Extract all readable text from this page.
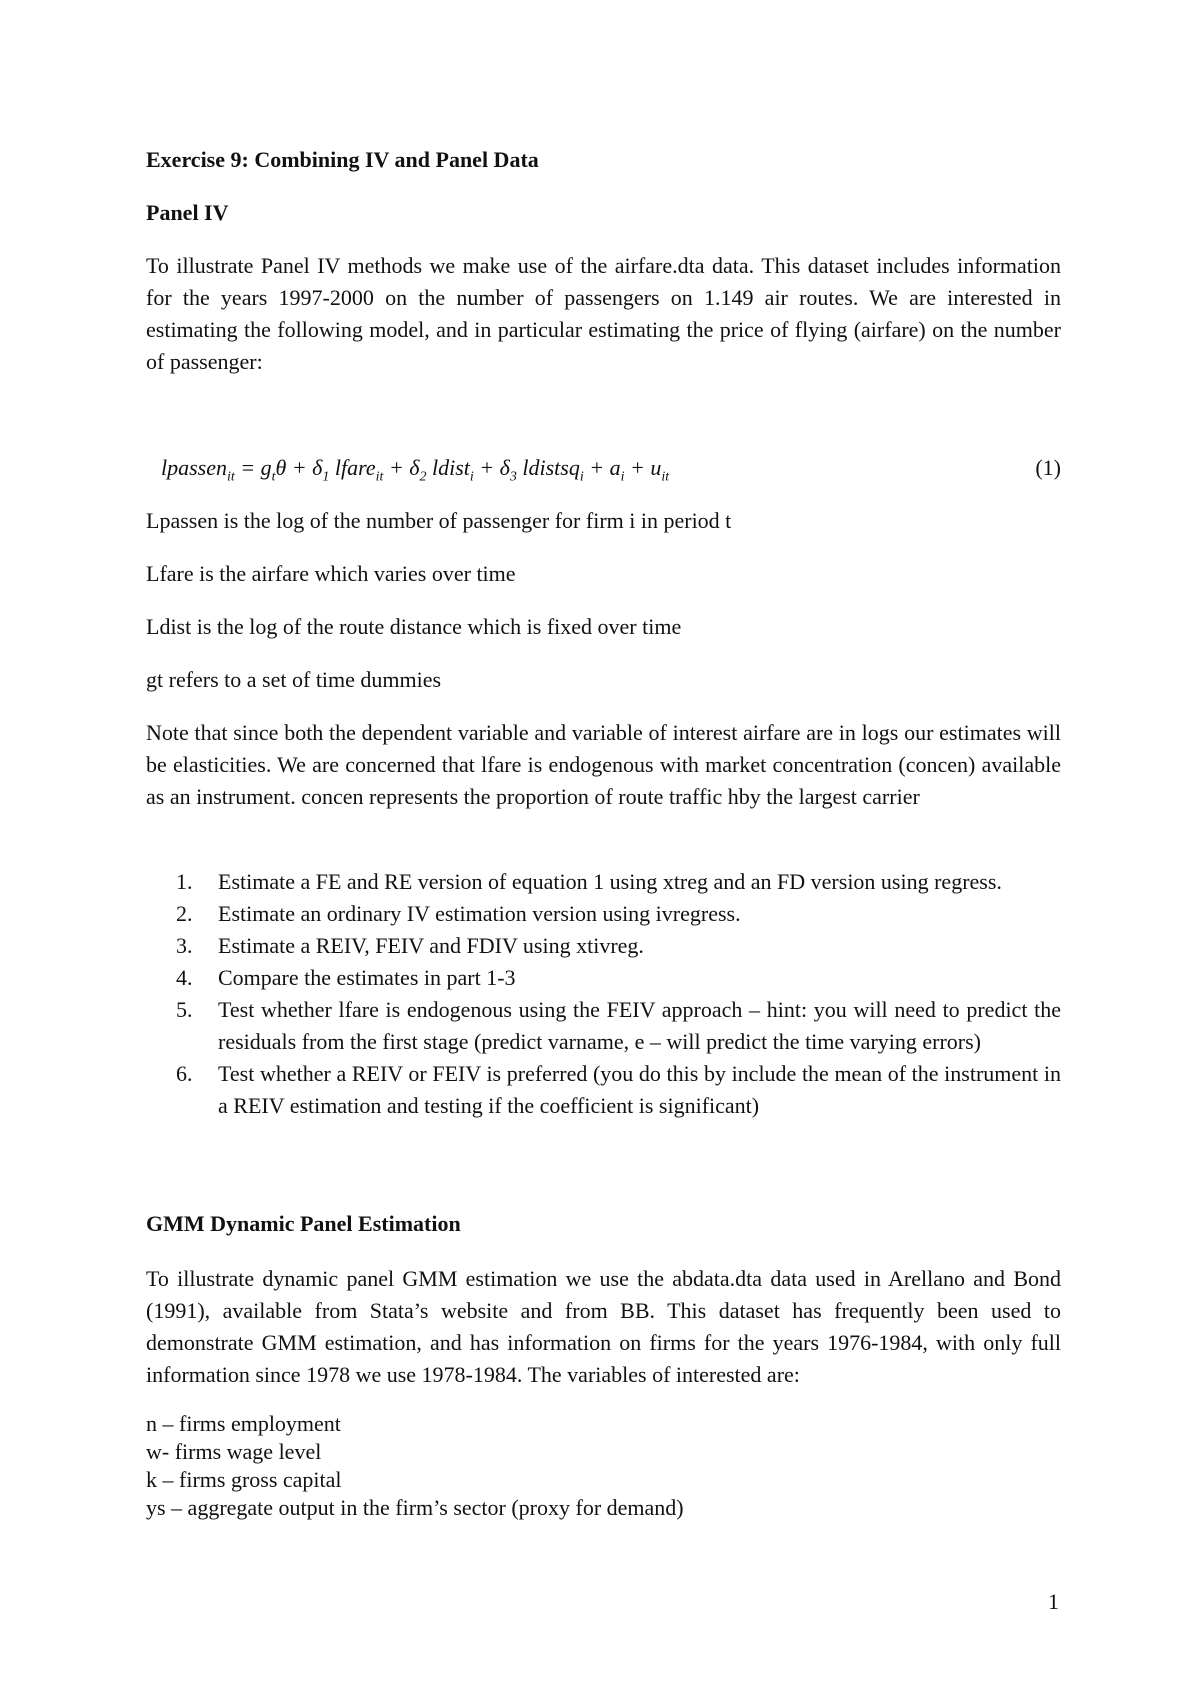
Exercise 9: Combining IV and Panel Data
Panel IV

To illustrate Panel IV methods we make use of the airfare.dta data. This dataset includes information for the years 1997-2000 on the number of passengers on 1.149 air routes. We are interested in estimating the following model, and in particular estimating the price of flying (airfare) on the number of passenger:

lpassen$_{it}$ = $g_t\theta + \delta_1$ lfare$_{it}$ + $\delta_2$ ldist$_i$ + $\delta_3$ ldistsq$_i$ + $a_i + u_{it}$	(1)

Lpassen is the log of the number of passenger for firm i in period t

Lfare is the airfare which varies over time

Ldist is the log of the route distance which is fixed over time

gt refers to a set of time dummies

Note that since both the dependent variable and variable of interest airfare are in logs our estimates will be elasticities. We are concerned that lfare is endogenous with market concentration (concen) available as an instrument. concen represents the proportion of route traffic hby the largest carrier

1. Estimate a FE and RE version of equation 1 using xtreg and an FD version using regress.
2. Estimate an ordinary IV estimation version using ivregress.
3. Estimate a REIV, FEIV and FDIV using xtivreg.
4. Compare the estimates in part 1-3
5. Test whether lfare is endogenous using the FEIV approach – hint: you will need to predict the residuals from the first stage (predict varname, e – will predict the time varying errors)
6. Test whether a REIV or FEIV is preferred (you do this by include the mean of the instrument in a REIV estimation and testing if the coefficient is significant)
GMM Dynamic Panel Estimation

To illustrate dynamic panel GMM estimation we use the abdata.dta data used in Arellano and Bond (1991), available from Stata’s website and from BB. This dataset has frequently been used to demonstrate GMM estimation, and has information on firms for the years 1976-1984, with only full information since 1978 we use 1978-1984. The variables of interested are:

n – firms employment

w- firms wage level

k – firms gross capital

ys – aggregate output in the firm’s sector (proxy for demand)

1
